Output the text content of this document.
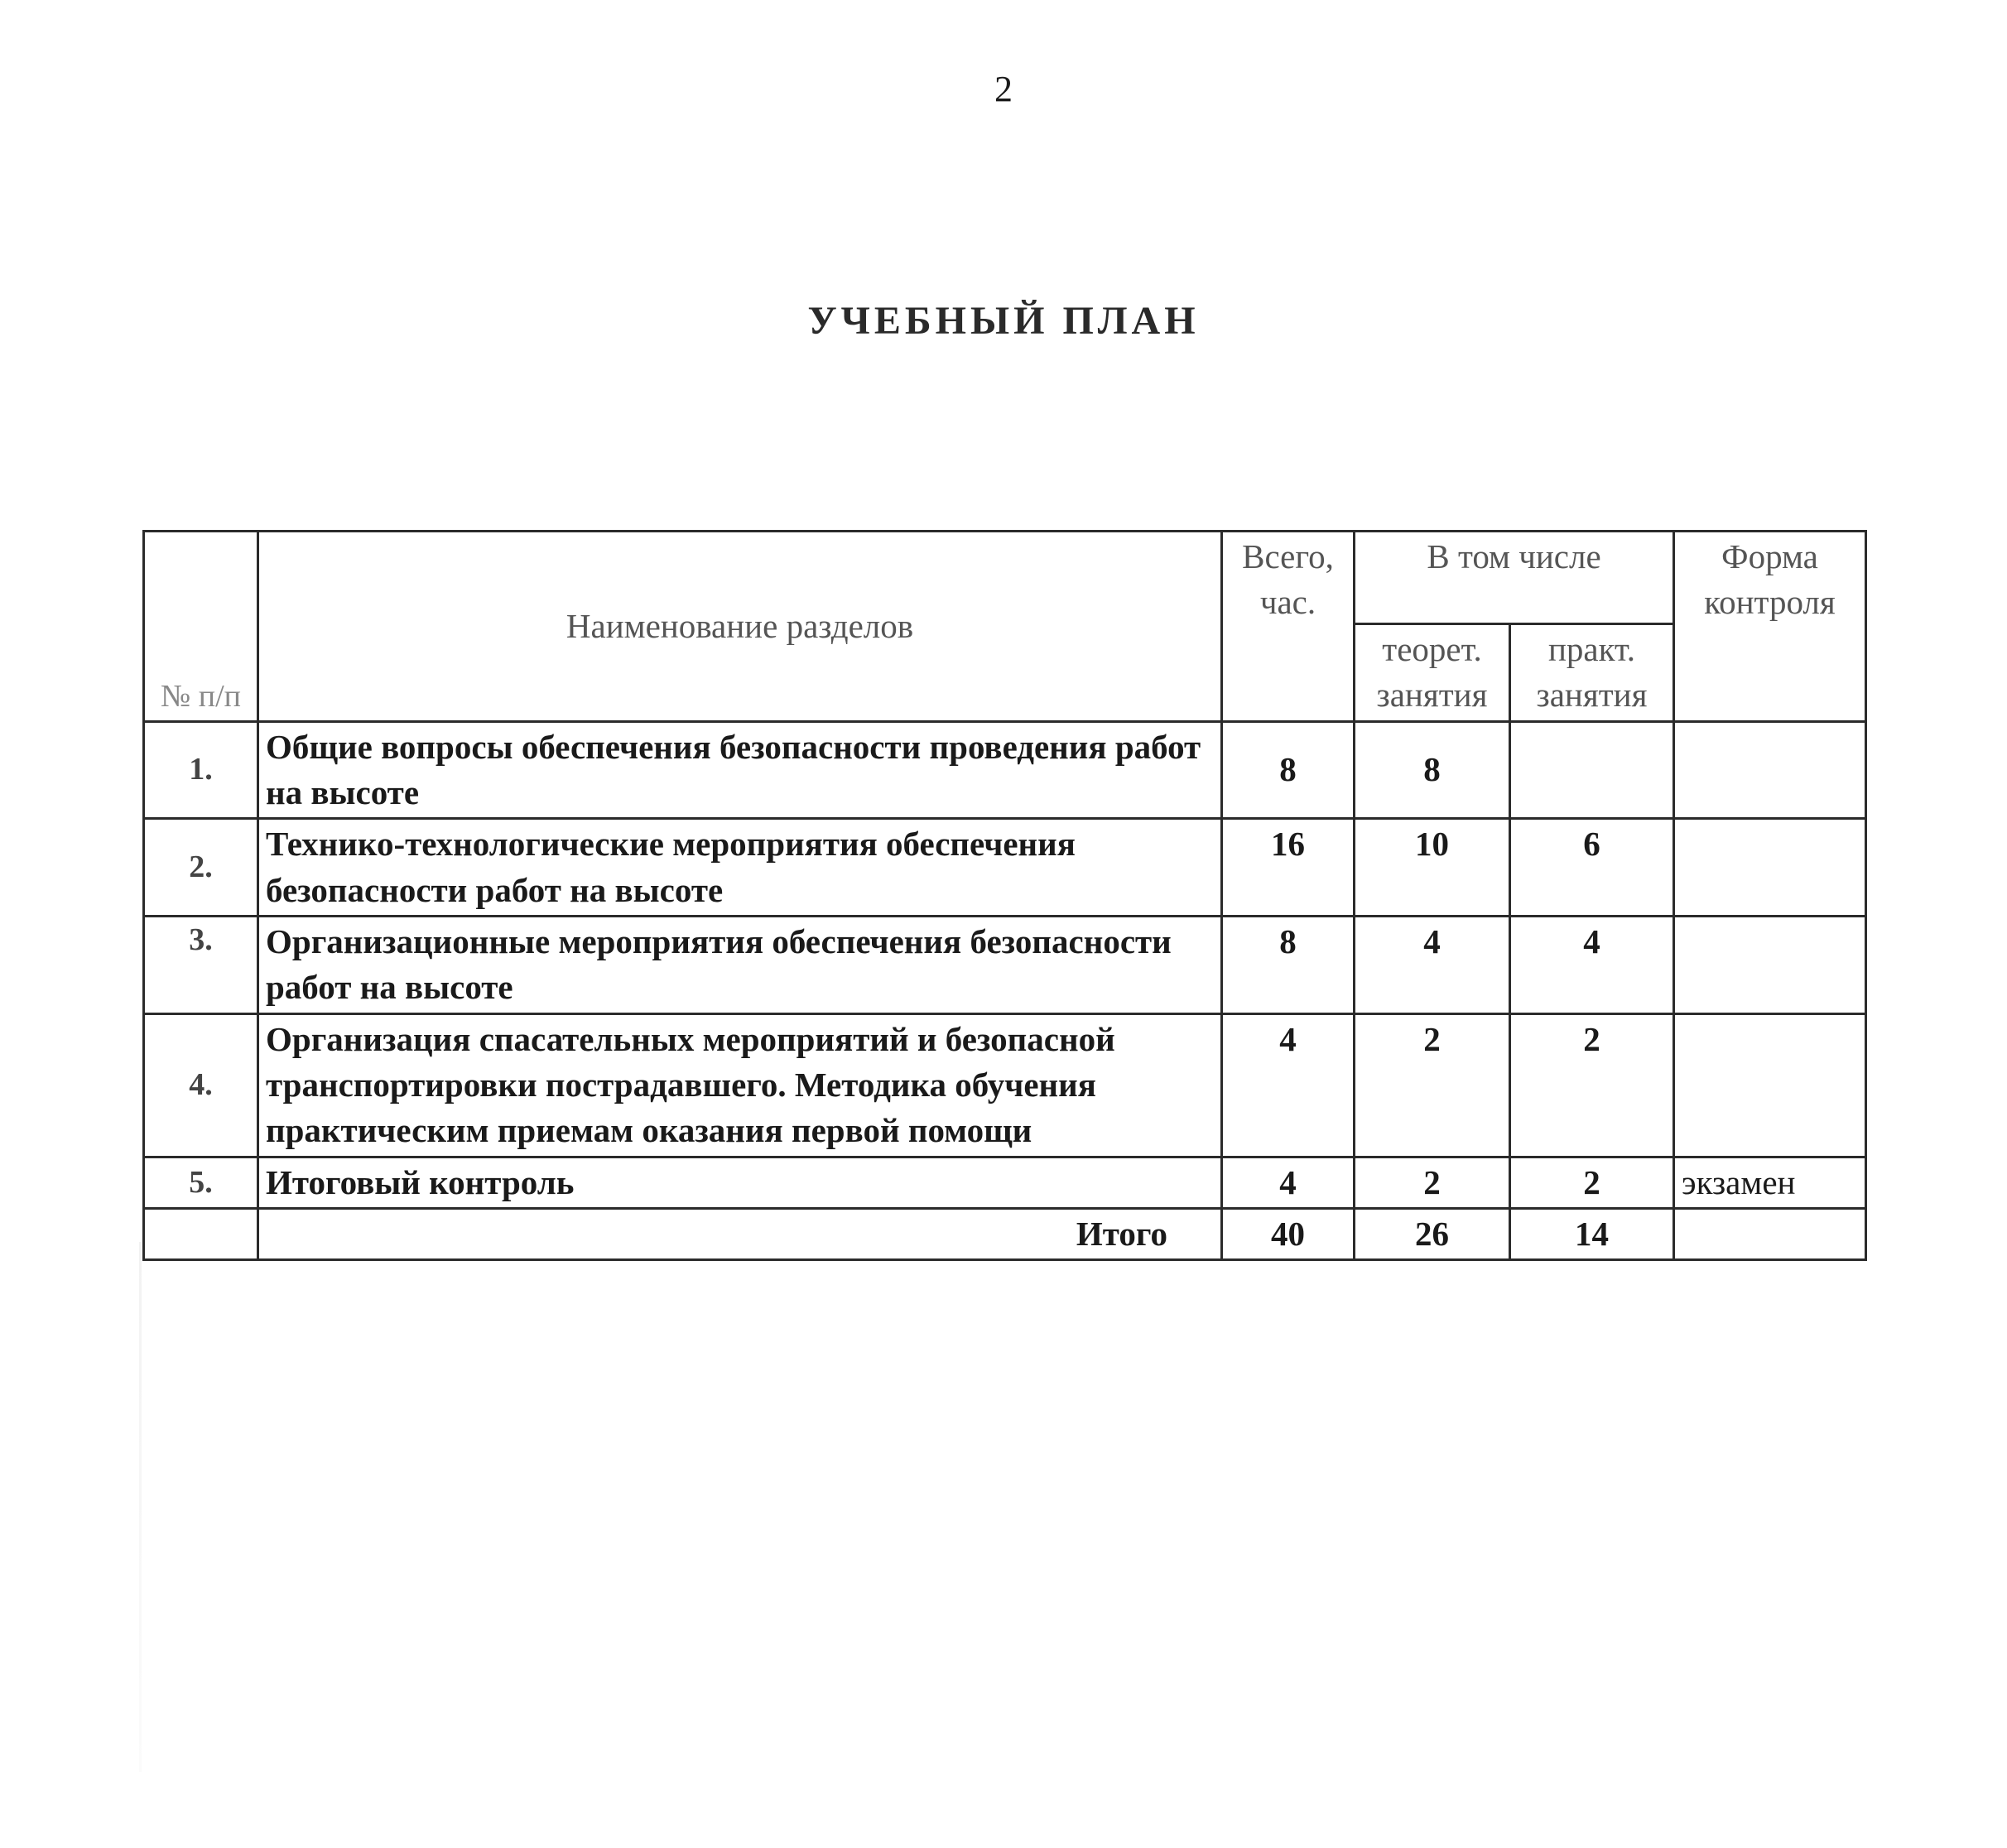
2
УЧЕБНЫЙ ПЛАН
№ п/п	Наименование разделов	Всего, час.	В том числе		Форма контроля
			теорет. занятия	практ. занятия	
1.	Общие вопросы обеспечения безопасности проведения работ на высоте	8	8		
2.	Технико-технологические мероприятия обеспечения безопасности работ на высоте	16	10	6	
3.	Организационные мероприятия обеспечения безопасности работ на высоте	8	4	4	
4.	Организация спасательных мероприятий и безопасной транспортировки пострадавшего. Методика обучения практическим приемам оказания первой помощи	4	2	2	
5.	Итоговый контроль	4	2	2	экзамен
	Итого	40	26	14	
